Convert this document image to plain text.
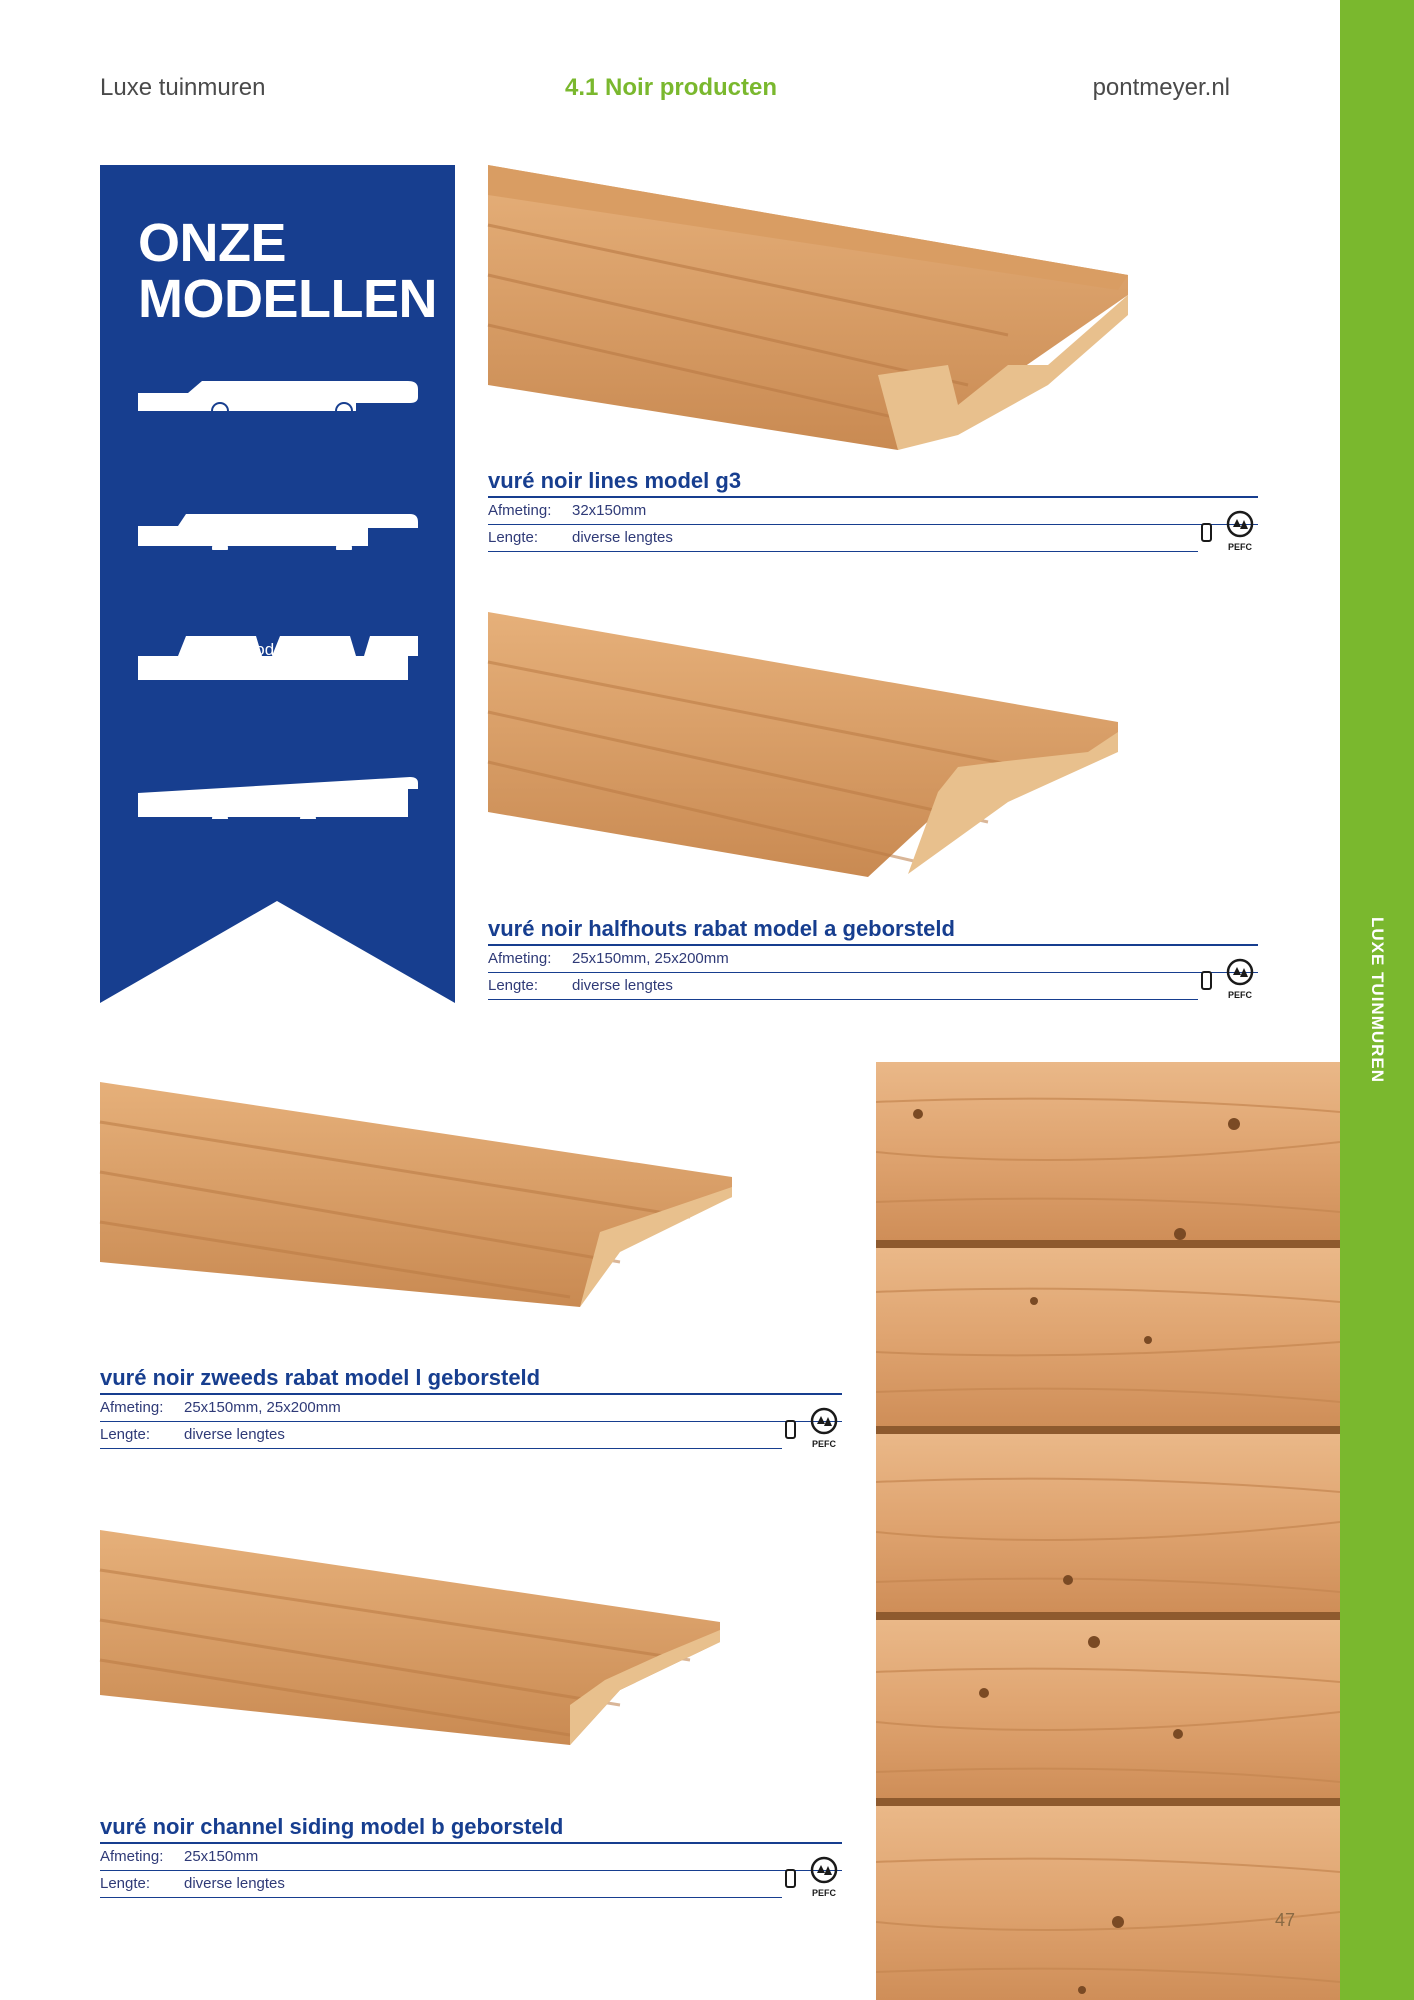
Luxe tuinmuren	4.1 Noir producten	pontmeyer.nl
LUXE TUINMUREN
ONZE
MODELLEN
vuré noir lines model g3
Afmeting:	32x150mm
Lengte:	diverse lengtes
PEFC
vuré noir halfhouts rabat model a geborsteld
Afmeting:	25x150mm, 25x200mm
Lengte:	diverse lengtes
PEFC
vuré noir zweeds rabat model l geborsteld
Afmeting:	25x150mm, 25x200mm
Lengte:	diverse lengtes
PEFC
vuré noir channel siding model b geborsteld
Afmeting:	25x150mm
Lengte:	diverse lengtes
PEFC
47
